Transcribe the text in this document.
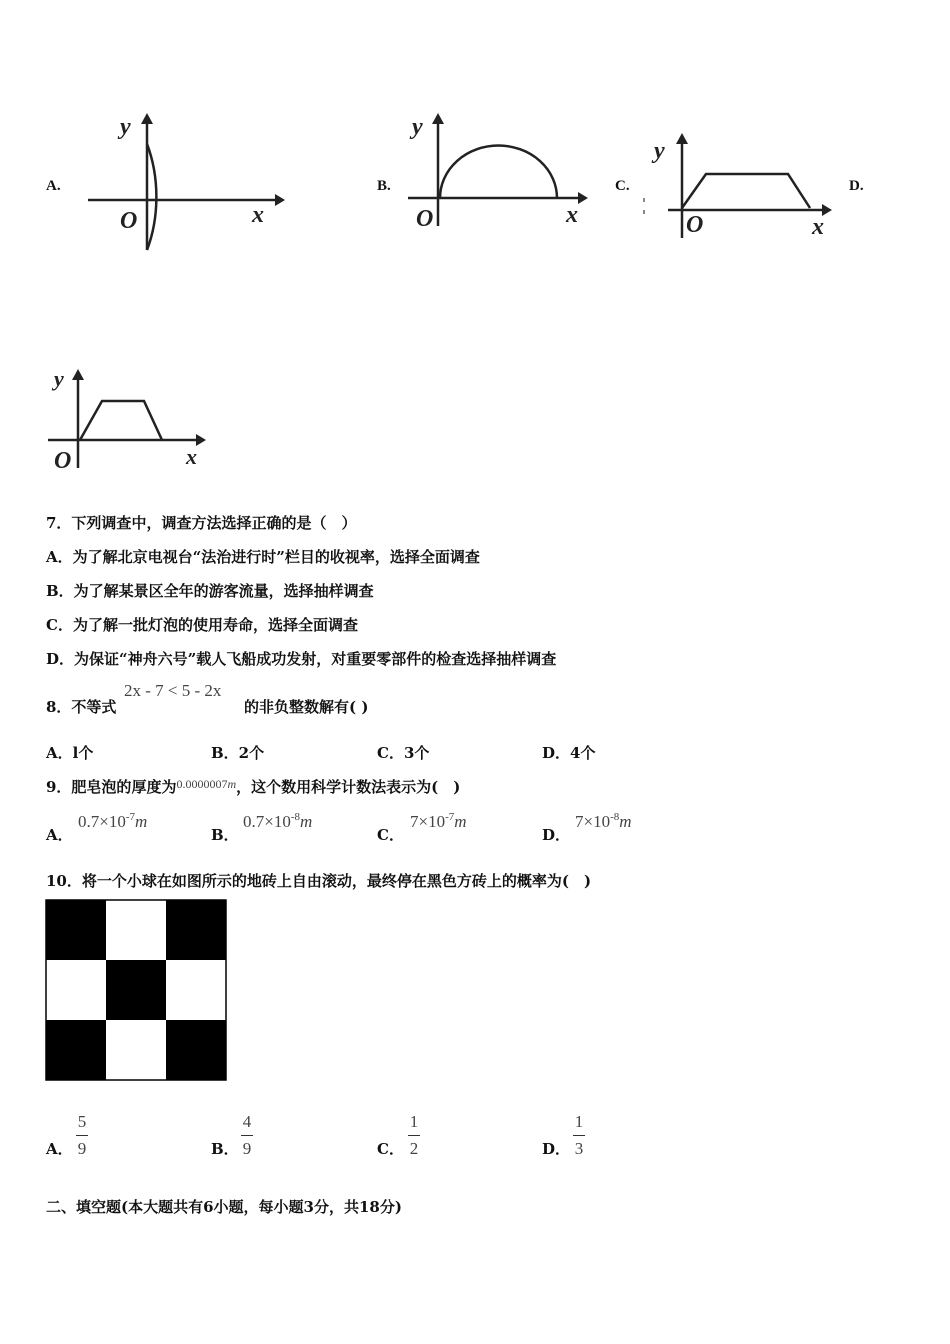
A.
y
O	x
B.
y
O	x
C.
y
O	x
D.
y
O	x
7．下列调查中，调查方法选择正确的是（　）
A．为了解北京电视台“法治进行时”栏目的收视率，选择全面调查
B．为了解某景区全年的游客流量，选择抽样调查
C．为了解一批灯泡的使用寿命，选择全面调查
D．为保证“神舟六号”载人飞船成功发射，对重要零部件的检查选择抽样调查
8．不等式
2x - 7 < 5 - 2x
的非负整数解有( )
A．l个	B．2个	C．3个	D．4个
9．肥皂泡的厚度为$^{0.0000007m}$，这个数用科学计数法表示为(　)
A．
$0.7\times 10^{-7}m$
B．
$0.7\times 10^{-8}m$
C．
$7\times 10^{-7}m$
D．
$7\times 10^{-8}m$
10．将一个小球在如图所示的地砖上自由滚动，最终停在黑色方砖上的概率为(　)
A．
5
9	B．
4
9	C．
1
2	D．
1
3
二、填空题(本大题共有6小题，每小题3分，共18分)
